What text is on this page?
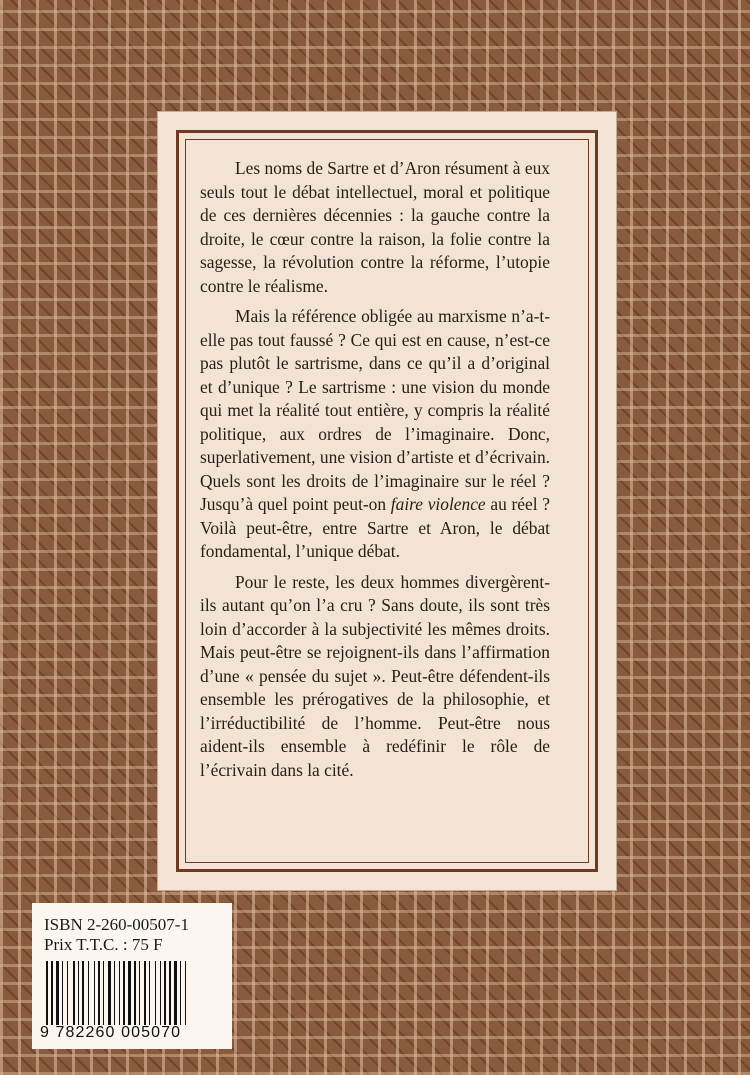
Les noms de Sartre et d’Aron résument à eux seuls tout le débat intellectuel, moral et politique de ces dernières décennies : la gauche contre la droite, le cœur contre la raison, la folie contre la sagesse, la révolution contre la réforme, l’utopie contre le réalisme.

Mais la référence obligée au marxisme n’a-t-elle pas tout faussé ? Ce qui est en cause, n’est-ce pas plutôt le sartrisme, dans ce qu’il a d’original et d’unique ? Le sartrisme : une vision du monde qui met la réalité tout entière, y compris la réalité politique, aux ordres de l’imaginaire. Donc, superlativement, une vision d’artiste et d’écrivain. Quels sont les droits de l’imaginaire sur le réel ? Jusqu’à quel point peut-on faire violence au réel ? Voilà peut-être, entre Sartre et Aron, le débat fondamental, l’unique débat.

Pour le reste, les deux hommes divergèrent-ils autant qu’on l’a cru ? Sans doute, ils sont très loin d’accorder à la subjectivité les mêmes droits. Mais peut-être se rejoignent-ils dans l’affirmation d’une « pensée du sujet ». Peut-être défendent-ils ensemble les prérogatives de la philosophie, et l’irréductibilité de l’homme. Peut-être nous aident-ils ensemble à redéfinir le rôle de l’écrivain dans la cité.

ISBN 2-260-00507-1
Prix T.T.C. : 75 F
9 782260 005070
